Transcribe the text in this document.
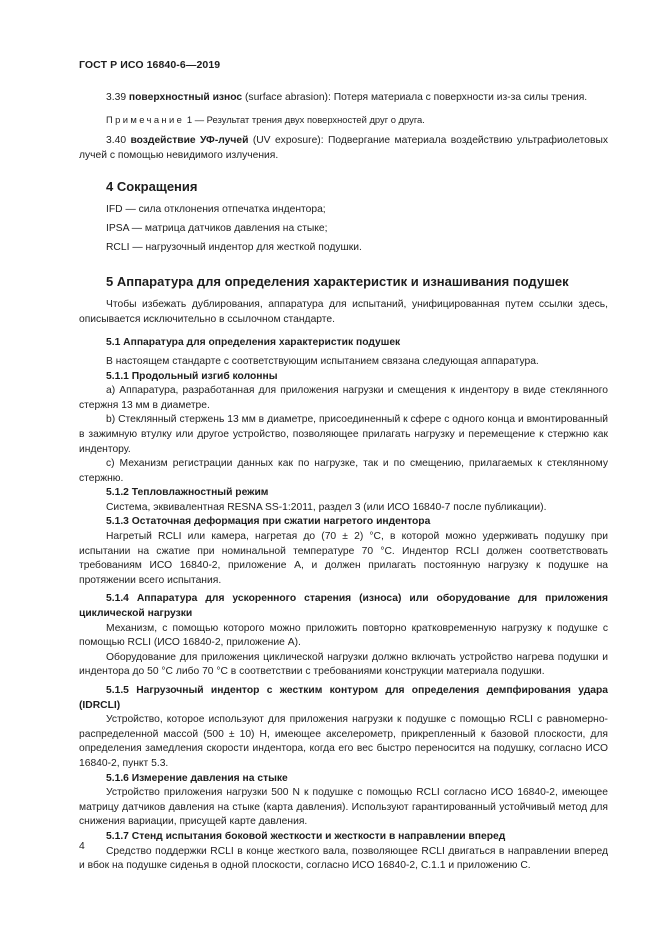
ГОСТ Р ИСО 16840-6—2019

3.39 поверхностный износ (surface abrasion): Потеря материала с поверхности из-за силы трения.

Примечание 1 — Результат трения двух поверхностей друг о друга.

3.40 воздействие УФ-лучей (UV exposure): Подвергание материала воздействию ультрафиолетовых лучей с помощью невидимого излучения.

4 Сокращения

IFD — сила отклонения отпечатка индентора;

IPSA — матрица датчиков давления на стыке;

RCLI — нагрузочный индентор для жесткой подушки.

5 Аппаратура для определения характеристик и изнашивания подушек

Чтобы избежать дублирования, аппаратура для испытаний, унифицированная путем ссылки здесь, описывается исключительно в ссылочном стандарте.

5.1 Аппаратура для определения характеристик подушек

В настоящем стандарте с соответствующим испытанием связана следующая аппаратура.

5.1.1 Продольный изгиб колонны

a) Аппаратура, разработанная для приложения нагрузки и смещения к индентору в виде стеклянного стержня 13 мм в диаметре.

b) Стеклянный стержень 13 мм в диаметре, присоединенный к сфере с одного конца и вмонтированный в зажимную втулку или другое устройство, позволяющее прилагать нагрузку и перемещение к стержню как индентору.

c) Механизм регистрации данных как по нагрузке, так и по смещению, прилагаемых к стеклянному стержню.

5.1.2 Тепловлажностный режим

Система, эквивалентная RESNA SS-1:2011, раздел 3 (или ИСО 16840-7 после публикации).

5.1.3 Остаточная деформация при сжатии нагретого индентора

Нагретый RCLI или камера, нагретая до (70 ± 2) °C, в которой можно удерживать подушку при испытании на сжатие при номинальной температуре 70 °C. Индентор RCLI должен соответствовать требованиям ИСО 16840-2, приложение A, и должен прилагать постоянную нагрузку к подушке на протяжении всего испытания.

5.1.4 Аппаратура для ускоренного старения (износа) или оборудование для приложения циклической нагрузки

Механизм, с помощью которого можно приложить повторно кратковременную нагрузку к подушке с помощью RCLI (ИСО 16840-2, приложение A).

Оборудование для приложения циклической нагрузки должно включать устройство нагрева подушки и индентора до 50 °C либо 70 °C в соответствии с требованиями конструкции материала подушки.

5.1.5 Нагрузочный индентор с жестким контуром для определения демпфирования удара (IDRCLI)

Устройство, которое используют для приложения нагрузки к подушке с помощью RCLI с равномерно-распределенной массой (500 ± 10) Н, имеющее акселерометр, прикрепленный к базовой плоскости, для определения замедления скорости индентора, когда его вес быстро переносится на подушку, согласно ИСО 16840-2, пункт 5.3.

5.1.6 Измерение давления на стыке

Устройство приложения нагрузки 500 N к подушке с помощью RCLI согласно ИСО 16840-2, имеющее матрицу датчиков давления на стыке (карта давления). Используют гарантированный устойчивый метод для снижения вариации, присущей карте давления.

5.1.7 Стенд испытания боковой жесткости и жесткости в направлении вперед

Средство поддержки RCLI в конце жесткого вала, позволяющее RCLI двигаться в направлении вперед и вбок на подушке сиденья в одной плоскости, согласно ИСО 16840-2, C.1.1 и приложению C.

4
